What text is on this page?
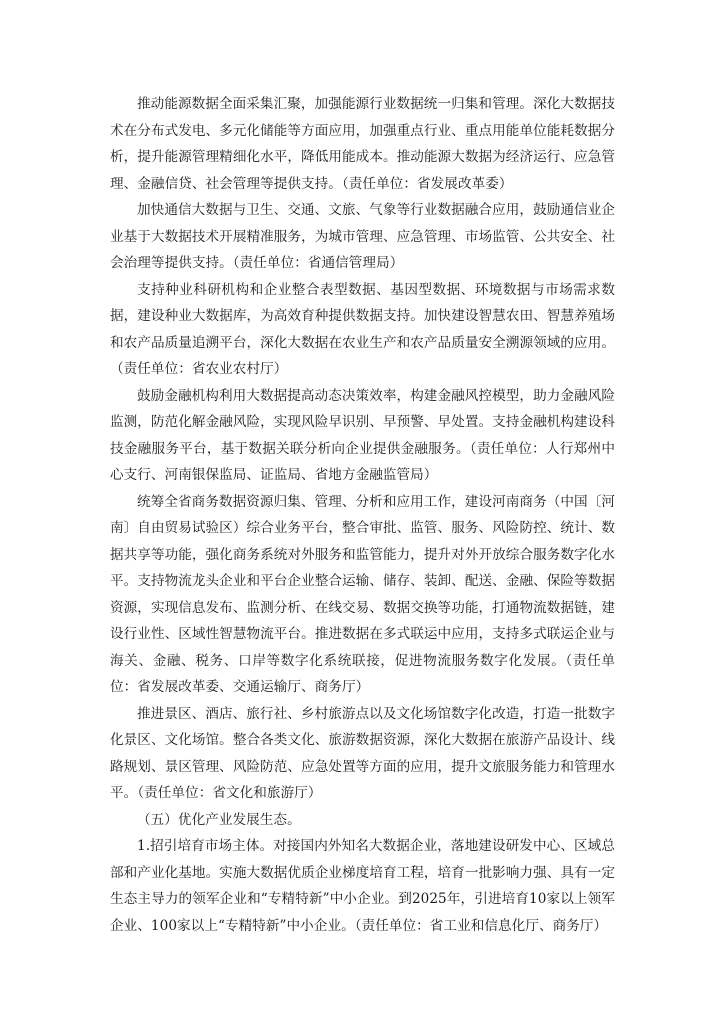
推动能源数据全面采集汇聚，加强能源行业数据统一归集和管理。深化大数据技术在分布式发电、多元化储能等方面应用，加强重点行业、重点用能单位能耗数据分析，提升能源管理精细化水平，降低用能成本。推动能源大数据为经济运行、应急管理、金融信贷、社会管理等提供支持。（责任单位：省发展改革委）

加快通信大数据与卫生、交通、文旅、气象等行业数据融合应用，鼓励通信业企业基于大数据技术开展精准服务，为城市管理、应急管理、市场监管、公共安全、社会治理等提供支持。（责任单位：省通信管理局）

支持种业科研机构和企业整合表型数据、基因型数据、环境数据与市场需求数据，建设种业大数据库，为高效育种提供数据支持。加快建设智慧农田、智慧养殖场和农产品质量追溯平台，深化大数据在农业生产和农产品质量安全溯源领域的应用。（责任单位：省农业农村厅）

鼓励金融机构利用大数据提高动态决策效率，构建金融风控模型，助力金融风险监测，防范化解金融风险，实现风险早识别、早预警、早处置。支持金融机构建设科技金融服务平台，基于数据关联分析向企业提供金融服务。（责任单位：人行郑州中心支行、河南银保监局、证监局、省地方金融监管局）

统筹全省商务数据资源归集、管理、分析和应用工作，建设河南商务（中国〔河南〕自由贸易试验区）综合业务平台，整合审批、监管、服务、风险防控、统计、数据共享等功能，强化商务系统对外服务和监管能力，提升对外开放综合服务数字化水平。支持物流龙头企业和平台企业整合运输、储存、装卸、配送、金融、保险等数据资源，实现信息发布、监测分析、在线交易、数据交换等功能，打通物流数据链，建设行业性、区域性智慧物流平台。推进数据在多式联运中应用，支持多式联运企业与海关、金融、税务、口岸等数字化系统联接，促进物流服务数字化发展。（责任单位：省发展改革委、交通运输厅、商务厅）

推进景区、酒店、旅行社、乡村旅游点以及文化场馆数字化改造，打造一批数字化景区、文化场馆。整合各类文化、旅游数据资源，深化大数据在旅游产品设计、线路规划、景区管理、风险防范、应急处置等方面的应用，提升文旅服务能力和管理水平。（责任单位：省文化和旅游厅）

（五）优化产业发展生态。

1.招引培育市场主体。对接国内外知名大数据企业，落地建设研发中心、区域总部和产业化基地。实施大数据优质企业梯度培育工程，培育一批影响力强、具有一定生态主导力的领军企业和“专精特新”中小企业。到2025年，引进培育10家以上领军企业、100家以上“专精特新”中小企业。（责任单位：省工业和信息化厅、商务厅）
